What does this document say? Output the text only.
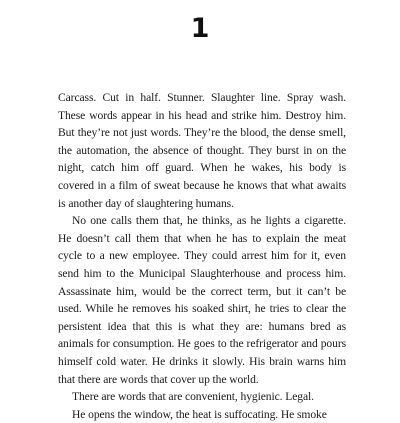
1

Carcass. Cut in half. Stunner. Slaughter line. Spray wash. These words appear in his head and strike him. Destroy him. But they’re not just words. They’re the blood, the dense smell, the automation, the absence of thought. They burst in on the night, catch him off guard. When he wakes, his body is covered in a film of sweat because he knows that what awaits is another day of slaughtering humans.

No one calls them that, he thinks, as he lights a cigarette. He doesn’t call them that when he has to explain the meat cycle to a new employee. They could arrest him for it, even send him to the Municipal Slaughterhouse and process him. Assassinate him, would be the correct term, but it can’t be used. While he removes his soaked shirt, he tries to clear the persistent idea that this is what they are: humans bred as animals for consumption. He goes to the refrigerator and pours himself cold water. He drinks it slowly. His brain warns him that there are words that cover up the world.

There are words that are convenient, hygienic. Legal.

He opens the window, the heat is suffocating. He smoke
